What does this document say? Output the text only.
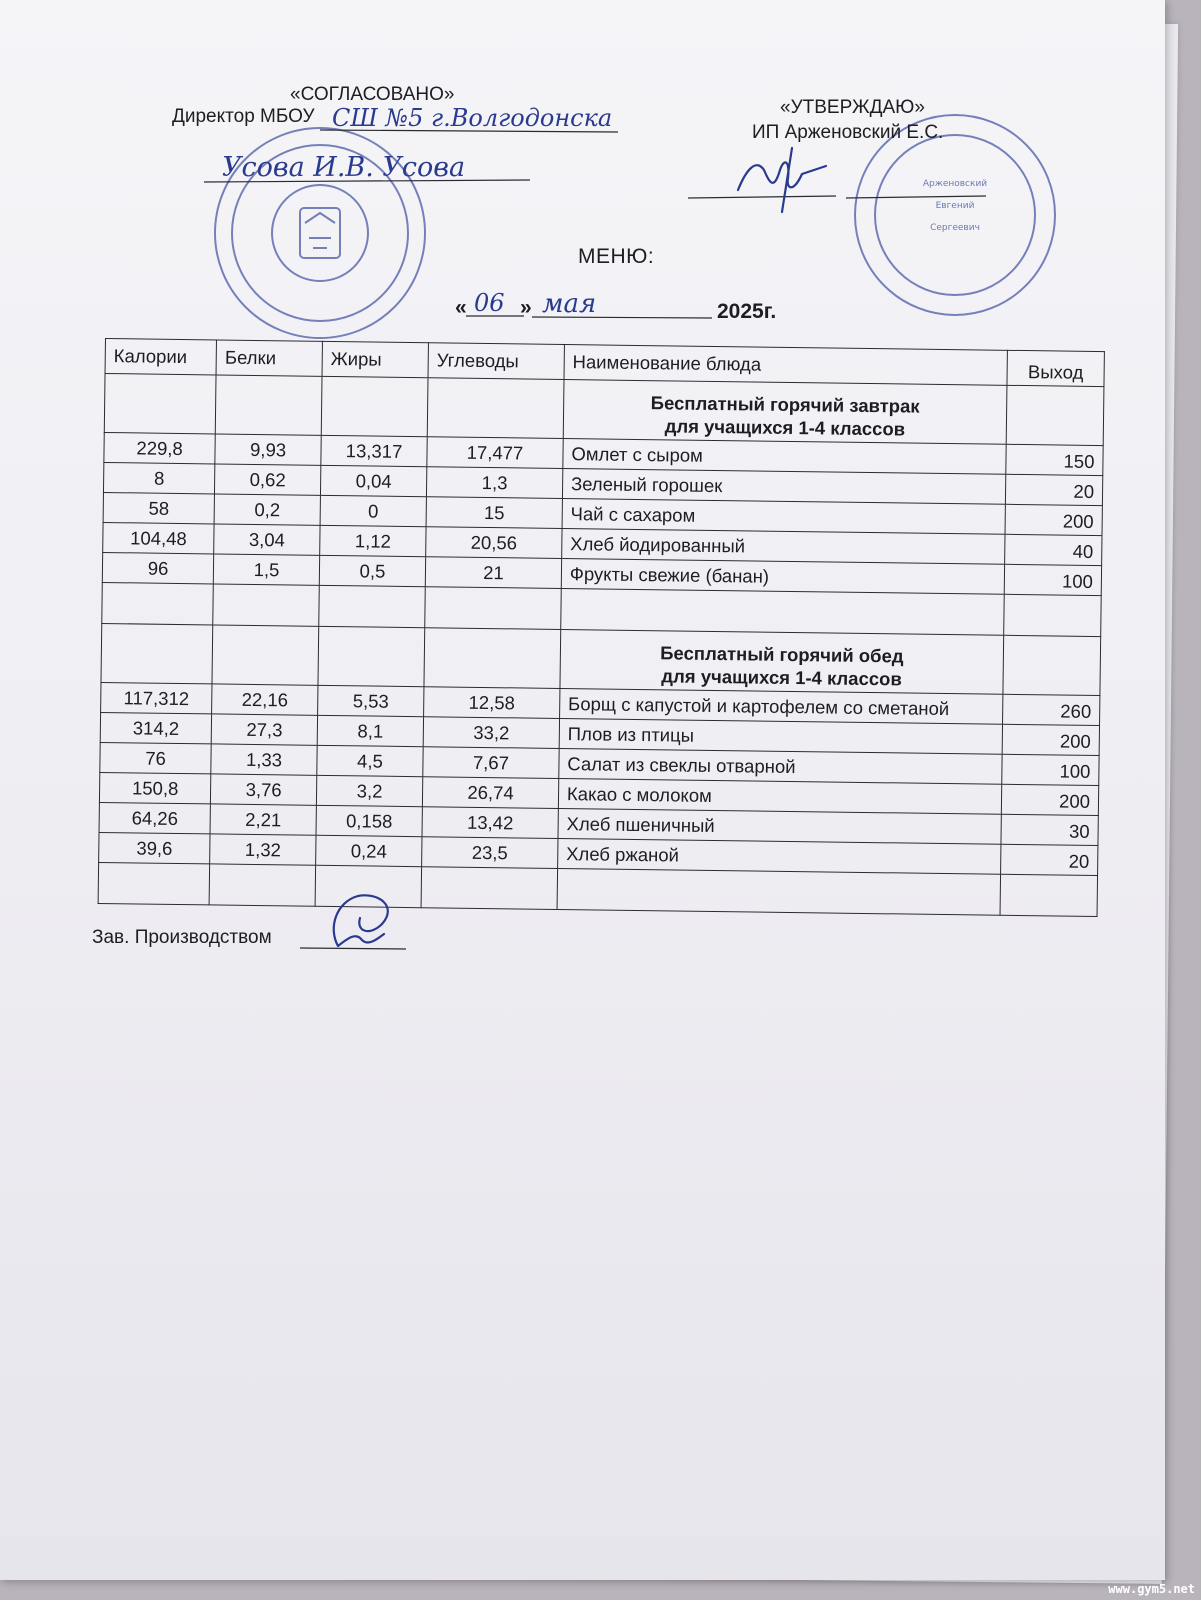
Арженовский
Евгений
Сергеевич
«СОГЛАСОВАНО»
Директор МБОУ СШ №5 г.Волгодонска
Усова И.В. Усова
«УТВЕРЖДАЮ»
ИП Арженовский Е.С.
МЕНЮ:
« 06 » мая	2025г.
Калории	Белки	Жиры	Углеводы	Наименование блюда	Выход
				Бесплатный горячий завтрак
для учащихся 1-4 классов	
229,8	9,93	13,317	17,477	Омлет с сыром	150
8	0,62	0,04	1,3	Зеленый горошек	20
58	0,2	0	15	Чай с сахаром	200
104,48	3,04	1,12	20,56	Хлеб йодированный	40
96	1,5	0,5	21	Фрукты свежие (банан)	100

				Бесплатный горячий обед
для учащихся 1-4 классов	
117,312	22,16	5,53	12,58	Борщ с капустой и картофелем со сметаной	260
314,2	27,3	8,1	33,2	Плов из птицы	200
76	1,33	4,5	7,67	Салат из свеклы отварной	100
150,8	3,76	3,2	26,74	Какао с молоком	200
64,26	2,21	0,158	13,42	Хлеб пшеничный	30
39,6	1,32	0,24	23,5	Хлеб ржаной	20

Зав. Производством
www.gym5.net
